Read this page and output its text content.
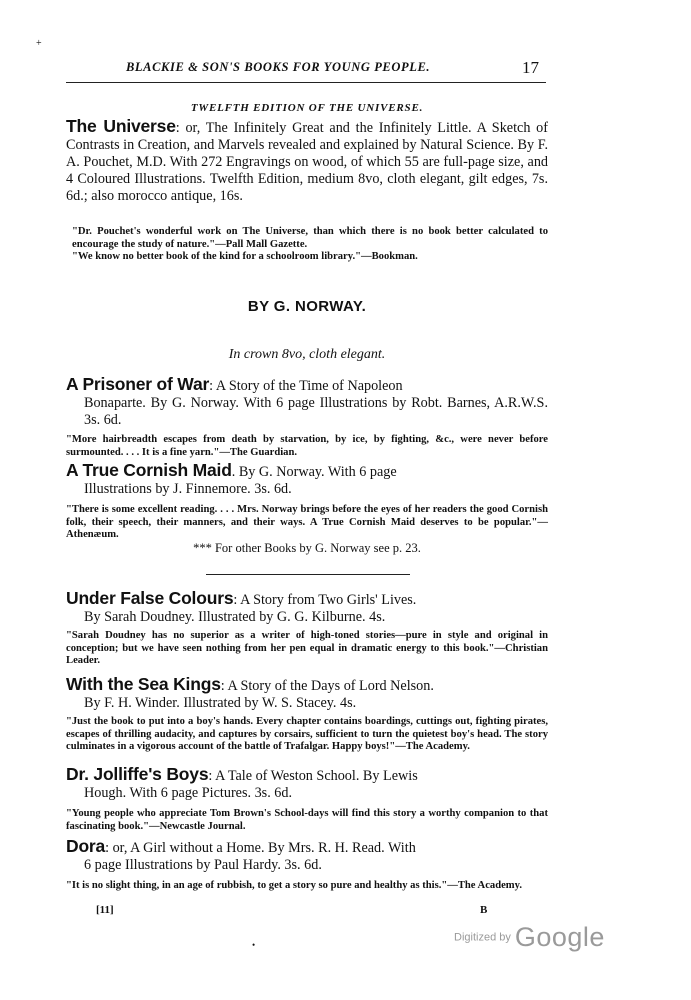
+
BLACKIE & SON'S BOOKS FOR YOUNG PEOPLE.	17
TWELFTH EDITION OF THE UNIVERSE.
The Universe: or, The Infinitely Great and the Infinitely Little. A Sketch of Contrasts in Creation, and Marvels revealed and explained by Natural Science. By F. A. Pouchet, M.D. With 272 Engravings on wood, of which 55 are full-page size, and 4 Coloured Illustrations. Twelfth Edition, medium 8vo, cloth elegant, gilt edges, 7s. 6d.; also morocco antique, 16s.
"Dr. Pouchet's wonderful work on The Universe, than which there is no book better calculated to encourage the study of nature."—Pall Mall Gazette.
"We know no better book of the kind for a schoolroom library."—Bookman.
BY G. NORWAY.
In crown 8vo, cloth elegant.
A Prisoner of War: A Story of the Time of Napoleon
Bonaparte. By G. Norway. With 6 page Illustrations by Robt. Barnes, A.R.W.S. 3s. 6d.
"More hairbreadth escapes from death by starvation, by ice, by fighting, &c., were never before surmounted. . . . It is a fine yarn."—The Guardian.
A True Cornish Maid. By G. Norway. With 6 page
Illustrations by J. Finnemore. 3s. 6d.
"There is some excellent reading. . . . Mrs. Norway brings before the eyes of her readers the good Cornish folk, their speech, their manners, and their ways. A True Cornish Maid deserves to be popular."—Athenæum.
*** For other Books by G. Norway see p. 23.
Under False Colours: A Story from Two Girls' Lives.
By Sarah Doudney. Illustrated by G. G. Kilburne. 4s.
"Sarah Doudney has no superior as a writer of high-toned stories—pure in style and original in conception; but we have seen nothing from her pen equal in dramatic energy to this book."—Christian Leader.
With the Sea Kings: A Story of the Days of Lord Nelson.
By F. H. Winder. Illustrated by W. S. Stacey. 4s.
"Just the book to put into a boy's hands. Every chapter contains boardings, cuttings out, fighting pirates, escapes of thrilling audacity, and captures by corsairs, sufficient to turn the quietest boy's head. The story culminates in a vigorous account of the battle of Trafalgar. Happy boys!"—The Academy.
Dr. Jolliffe's Boys: A Tale of Weston School. By Lewis
Hough. With 6 page Pictures. 3s. 6d.
"Young people who appreciate Tom Brown's School-days will find this story a worthy companion to that fascinating book."—Newcastle Journal.
Dora: or, A Girl without a Home. By Mrs. R. H. Read. With
6 page Illustrations by Paul Hardy. 3s. 6d.
"It is no slight thing, in an age of rubbish, to get a story so pure and healthy as this."—The Academy.
[11]	B
•
Digitized by Google
